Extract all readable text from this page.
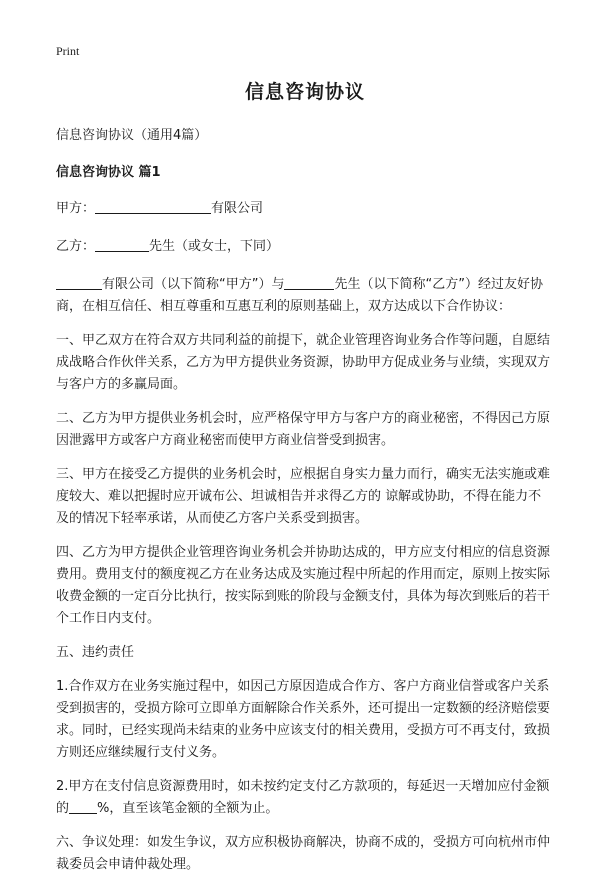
Print
信息咨询协议
信息咨询协议（通用4篇）
信息咨询协议 篇1
甲方：	有限公司
乙方：	先生（或女士，下同）
有限公司（以下简称“甲方”）与	先生（以下简称“乙方”）经过友好协商，在相互信任、相互尊重和互惠互利的原则基础上，双方达成以下合作协议：
一、甲乙双方在符合双方共同利益的前提下，就企业管理咨询业务合作等问题，自愿结成战略合作伙伴关系，乙方为甲方提供业务资源，协助甲方促成业务与业绩，实现双方与客户方的多赢局面。
二、乙方为甲方提供业务机会时，应严格保守甲方与客户方的商业秘密，不得因己方原因泄露甲方或客户方商业秘密而使甲方商业信誉受到损害。
三、甲方在接受乙方提供的业务机会时，应根据自身实力量力而行，确实无法实施或难度较大、难以把握时应开诚布公、坦诚相告并求得乙方的 谅解或协助，不得在能力不及的情况下轻率承诺，从而使乙方客户关系受到损害。
四、乙方为甲方提供企业管理咨询业务机会并协助达成的，甲方应支付相应的信息资源费用。费用支付的额度视乙方在业务达成及实施过程中所起的作用而定，原则上按实际收费金额的一定百分比执行，按实际到账的阶段与金额支付，具体为每次到账后的若干个工作日内支付。
五、违约责任
1.合作双方在业务实施过程中，如因己方原因造成合作方、客户方商业信誉或客户关系受到损害的，受损方除可立即单方面解除合作关系外，还可提出一定数额的经济赔偿要求。同时，已经实现尚未结束的业务中应该支付的相关费用，受损方可不再支付，致损方则还应继续履行支付义务。
2.甲方在支付信息资源费用时，如未按约定支付乙方款项的，每延迟一天增加应付金额的 %，直至该笔金额的全额为止。
六、争议处理：如发生争议，双方应积极协商解决，协商不成的，受损方可向杭州市仲裁委员会申请仲裁处理。
